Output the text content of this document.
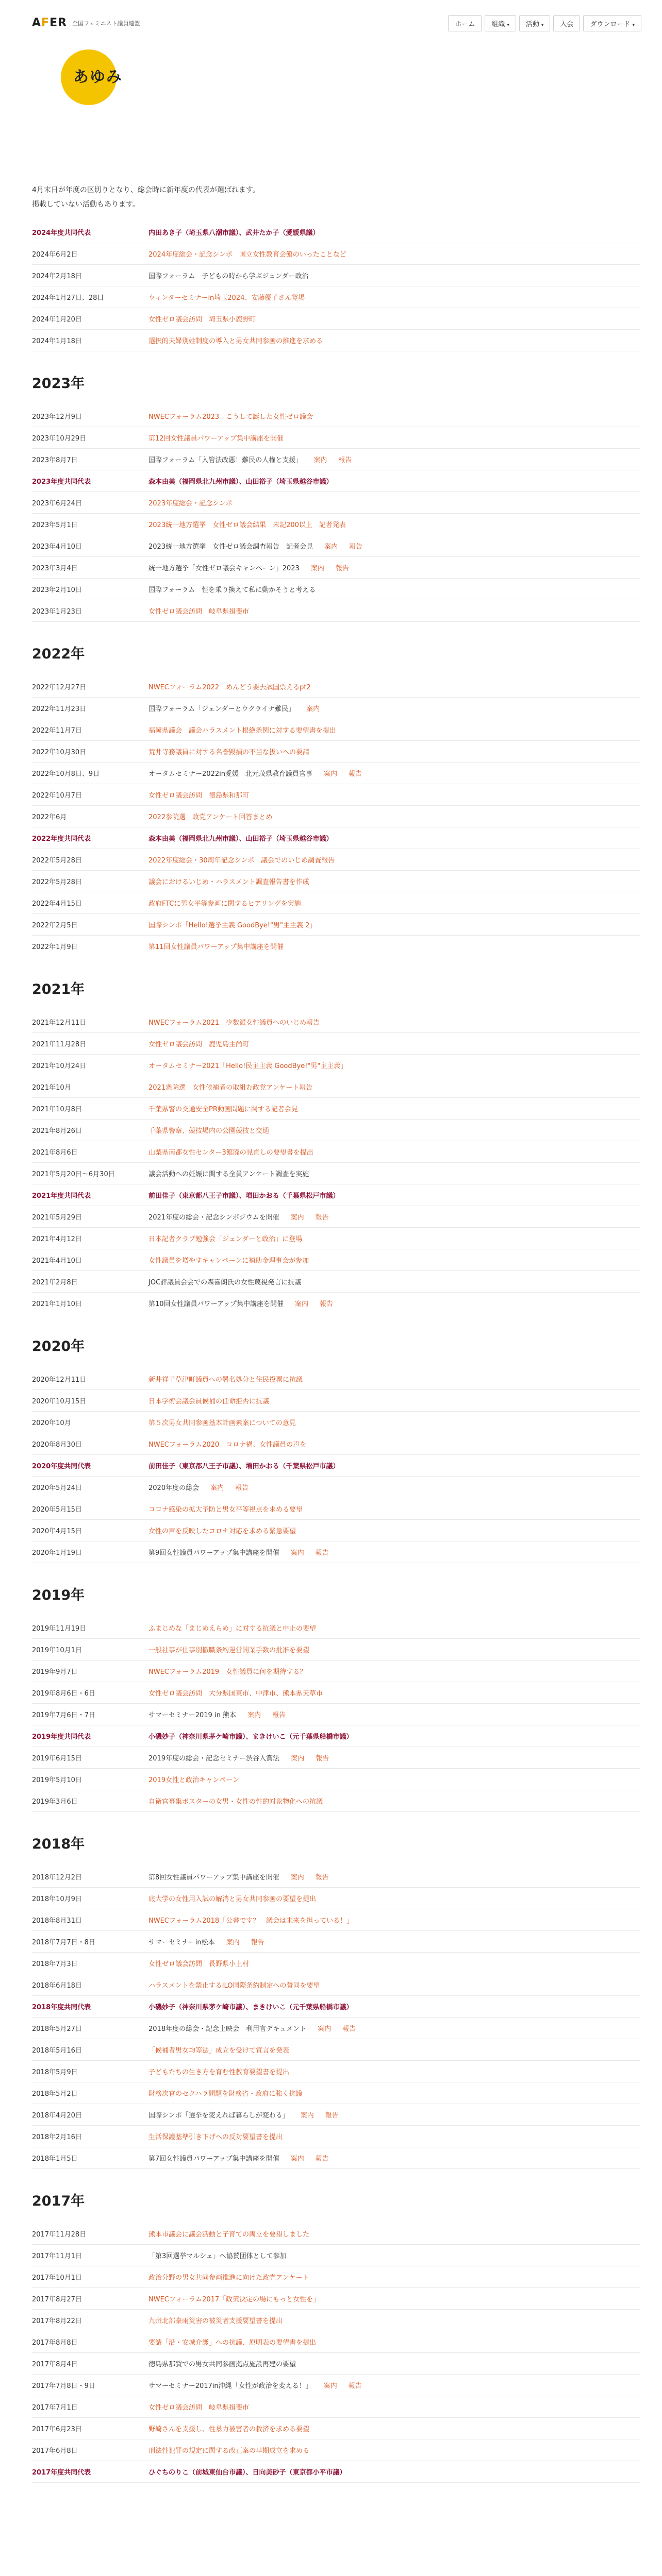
AFER 全国フェミニスト議員連盟	ホーム	組織 ▾	活動 ▾	入会	ダウンロード ▾
あゆみ

4月末日が年度の区切りとなり、総会時に新年度の代表が選ばれます。

掲載していない活動もあります。

2024年度共同代表	内田あき子（埼玉県八潮市議）、武井たか子（愛媛県議）
2024年6月2日	2024年度総会・記念シンポ　国立女性教育会館のいったことなど
2024年2月18日	国際フォーラム　子どもの時から学ぶジェンダー政治
2024年1月27日、28日	ウィンターセミナーin埼玉2024、安藤優子さん登場
2024年1月20日	女性ゼロ議会訪問　埼玉県小鹿野町
2024年1月18日	選択的夫婦別姓制度の導入と男女共同参画の推進を求める
2023年
2023年12月9日	NWECフォーラム2023　こうして誕した女性ゼロ議会
2023年10月29日	第12回女性議員パワーアップ集中講座を開催
2023年8月7日	国際フォーラム「入管法改悪！難民の人権と支援」 案内 報告
2023年度共同代表	森本由美（福岡県北九州市議）、山田裕子（埼玉県越谷市議）
2023年6月24日	2023年度総会・記念シンポ
2023年5月1日	2023統一地方選挙　女性ゼロ議会結果　未記200以上　記者発表
2023年4月10日	2023統一地方選挙　女性ゼロ議会調査報告　記者会見 案内 報告
2023年3月4日	統一地方選挙「女性ゼロ議会キャンペーン」2023 案内 報告
2023年2月10日	国際フォーラム　性を乗り換えて私に動かそうと考える
2023年1月23日	女性ゼロ議会訪問　岐阜県揖斐市
2022年
2022年12月27日	NWECフォーラム2022　めんどう要去試国票えるpt2
2022年11月23日	国際フォーラム「ジェンダーとウクライナ難民」 案内
2022年11月7日	福岡県議会　議会ハラスメント根絶条例に対する要望書を提出
2022年10月30日	荒井寺務議員に対する名誉毀損の不当な扱いへの要請
2022年10月8日、9日	オータムセミナー2022in愛媛　北元茂県教育議員官事 案内 報告
2022年10月7日	女性ゼロ議会訪問　徳島県和那町
2022年6月	2022参院選　政党アンケート回答まとめ
2022年度共同代表	森本由美（福岡県北九州市議）、山田裕子（埼玉県越谷市議）
2022年5月28日	2022年度総会・30周年記念シンポ　議会でのいじめ調査報告
2022年5月28日	議会におけるいじめ・ハラスメント調査報告書を作成
2022年4月15日	政府FTCに男女平等参画に関するヒアリングを実施
2022年2月5日	国際シンポ「Hello!選挙主義 GoodBye!"男"主主義 2」
2022年1月9日	第11回女性議員パワーアップ集中講座を開催
2021年
2021年12月11日	NWECフォーラム2021　少数派女性議員へのいじめ報告
2021年11月28日	女性ゼロ議会訪問　鹿児島主尚町
2021年10月24日	オータムセミナー2021「Hello!民主主義 GoodBye!"男"主主義」
2021年10月	2021衆院選　女性候補者の取組む政党アンケート報告
2021年10月8日	千葉県警の交通安全PR動画問題に関する記者会見
2021年8月26日	千葉県警察、競技場内の公園競技と交通
2021年8月6日	山梨県南都女性センター3館廃の見直しの要望書を提出
2021年5月20日〜6月30日	議会活動への妊娠に関する全員アンケート調査を実施
2021年度共同代表	前田佳子（東京都八王子市議）、増田かおる（千葉県松戸市議）
2021年5月29日	2021年度の総会・記念シンポジウムを開催 案内 報告
2021年4月12日	日本記者クラブ勉強会「ジェンダーと政治」に登場
2021年4月10日	女性議員を増やすキャンペーンに補助金理事会が参加
2021年2月8日	JOC評議員会会での森喜朗氏の女性蔑視発言に抗議
2021年1月10日	第10回女性議員パワーアップ集中講座を開催 案内 報告
2020年
2020年12月11日	新井祥子草津町議員への署名処分と住民投票に抗議
2020年10月15日	日本学術会議会員候補の任命拒否に抗議
2020年10月	第５次男女共同参画基本計画素案についての意見
2020年8月30日	NWECフォーラム2020　コロナ禍、女性議員の声を
2020年度共同代表	前田佳子（東京都八王子市議）、増田かおる（千葉県松戸市議）
2020年5月24日	2020年度の総会 案内 報告
2020年5月15日	コロナ感染の拡大予防と男女平等視点を求める要望
2020年4月15日	女性の声を反映したコロナ対応を求める緊急要望
2020年1月19日	第9回女性議員パワーアップ集中講座を開催 案内 報告
2019年
2019年11月19日	ふまじめな「まじめえらめ」に対する抗議と申止の要望
2019年10月1日	一般社事が仕事別撤職条約運営開業手数の批准を要望
2019年9月7日	NWECフォーラム2019　女性議員に何を期待する？
2019年8月6日・6日	女性ゼロ議会訪問　大分県国東市、中津市、熊本県天草市
2019年7月6日・7日	サマーセミナー2019 in 熊本 案内 報告
2019年度共同代表	小磯妙子（神奈川県茅ケ崎市議）、まきけいこ（元千葉県船橋市議）
2019年6月15日	2019年度の総会・記念セミナー渋谷入賞法 案内 報告
2019年5月10日	2019女性と政治キャンペーン
2019年3月6日	自衛官募集ポスターの女男・女性の性的対象物化への抗議
2018年
2018年12月2日	第8回女性議員パワーアップ集中講座を開催 案内 報告
2018年10月9日	底大学の女性用入試の解消と男女共同参画の要望を提出
2018年8月31日	NWECフォーラム2018「公書です？　議会は未来を担っている！」
2018年7月7日・8日	サマーセミナーin松本 案内 報告
2018年7月3日	女性ゼロ議会訪問　長野県小上村
2018年6月18日	ハラスメントを禁止するILO国際条約制定への賛同を要望
2018年度共同代表	小磯妙子（神奈川県茅ケ崎市議）、まきけいこ（元千葉県船橋市議）
2018年5月27日	2018年度の総会・記念上映会　利用言デキュメント 案内 報告
2018年5月16日	「候補者男女均等法」成立を受けて宣言を発表
2018年5月9日	子どもたちの生き方を育む性教育要望書を提出
2018年5月2日	財務次官のセクハラ問題を財務省・政府に強く抗議
2018年4月20日	国際シンポ「選挙を変えれば暮らしが変わる」 案内 報告
2018年2月16日	生活保護基準引き下げへの反対要望書を提出
2018年1月5日	第7回女性議員パワーアップ集中講座を開催 案内 報告
2017年
2017年11月28日	熊本市議会に議会活動と子育ての両立を要望しました
2017年11月1日	「第3回選挙マルシェ」へ協賛団体として参加
2017年10月1日	政治分野の男女共同参画推進に向けた政党アンケート
2017年8月27日	NWECフォーラム2017「政策決定の場にもっと女性を」
2017年8月22日	九州北部豪雨災害の被災者支援要望書を提出
2017年8月8日	要請「沿・安城介護」への抗議、原明表の要望書を提出
2017年8月4日	徳島県那賀での男女共同参画拠点施設再建の要望
2017年7月8日・9日	サマーセミナー2017in沖縄「女性が政治を変える！」 案内 報告
2017年7月1日	女性ゼロ議会訪問　岐阜県揖斐市
2017年6月23日	野崎さんを支援し、性暴力被害者の救済を求める要望
2017年6月8日	刑法性犯罪の規定に関する改正案の早期成立を求める
2017年度共同代表	ひぐちのりこ（前城東仙台市議）、日向美砂子（東京都小平市議）
